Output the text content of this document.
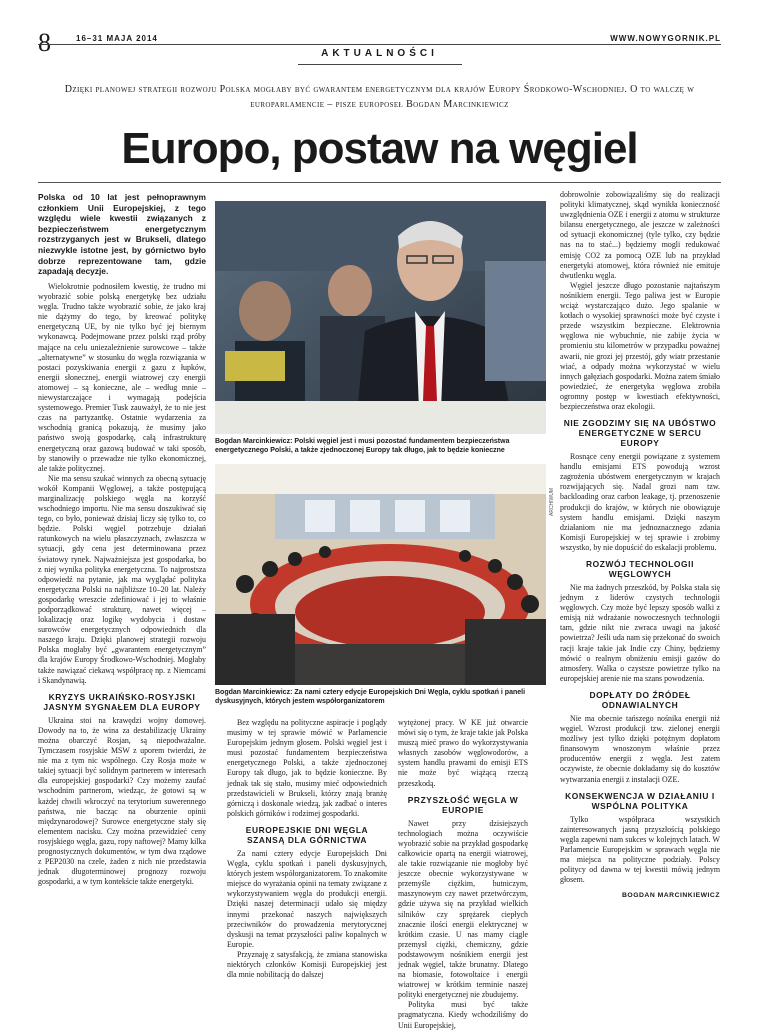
8	16–31 MAJA 2014	WWW.NOWYGORNIK.PL
AKTUALNOŚCI
Dzięki planowej strategii rozwoju Polska mogłaby być gwarantem energetycznym dla krajów Europy Środkowo-Wschodniej. O to walczę w europarlamencie – pisze europoseł Bogdan Marcinkiewicz
Europo, postaw na węgiel
Polska od 10 lat jest pełnoprawnym członkiem Unii Europejskiej, z tego względu wiele kwestii związanych z bezpieczeństwem energetycznym rozstrzyganych jest w Brukseli, dlatego niezwykle istotne jest, by górnictwo było dobrze reprezentowane tam, gdzie zapadają decyzje.

Wielokrotnie podnosiłem kwestię, że trudno mi wyobrazić sobie polską energetykę bez udziału węgla. Trudno także wyobrazić sobie, że jako kraj nie dążymy do tego, by kreować politykę energetyczną UE, by nie tylko być jej biernym wykonawcą. Podejmowane przez polski rząd próby mające na celu uniezależnienie surowcowe – także „alternatywne” w stosunku do węgla rozwiązania w postaci pozyskiwania energii z gazu z łupków, energii słonecznej, energii wiatrowej czy energii atomowej – są konieczne, ale – według mnie – niewystarczające i wymagają podejścia systemowego. Premier Tusk zauważył, że to nie jest czas na partyzantkę. Ostatnie wydarzenia za wschodnią granicą pokazują, że musimy jako państwo swoją gospodarkę, całą infrastrukturę energetyczną oraz gazową budować w taki sposób, by stanowiły o przewadze nie tylko ekonomicznej, ale także politycznej.

Nie ma sensu szukać winnych za obecną sytuację wokół Kompanii Węglowej, a także postępującą marginalizację polskiego węgla na korzyść wschodniego importu. Nie ma sensu doszukiwać się tego, co było, ponieważ dzisiaj liczy się tylko to, co będzie. Polski węgiel potrzebuje działań ratunkowych na wielu płaszczyznach, zwłaszcza w sytuacji, gdy cena jest determinowana przez światowy rynek. Najważniejsza jest gospodarka, bo z niej wynika polityka energetyczna. To najprostsza odpowiedź na pytanie, jak ma wyglądać polityka energetyczna Polski na najbliższe 10–20 lat. Należy gospodarkę wreszcie zdefiniować i jej to właśnie podporządkować strukturę, nawet więcej – lokalizację oraz logikę wydobycia i dostaw surowców energetycznych odpowiednich dla naszego kraju. Dzięki planowej strategii rozwoju Polska mogłaby być „gwarantem energetycznym” dla krajów Europy Środkowo-Wschodniej. Mogłaby także nawiązać ciekawą współpracę np. z Niemcami i Skandynawią.

KRYZYS UKRAIŃSKO-ROSYJSKI JASNYM SYGNAŁEM DLA EUROPY

Ukraina stoi na krawędzi wojny domowej. Dowody na to, że wina za destabilizację Ukrainy można obarczyć Rosjan, są niepodważalne. Tymczasem rosyjskie MSW z uporem twierdzi, że nie ma z tym nic wspólnego. Czy Rosja może w takiej sytuacji być solidnym partnerem w interesach dla europejskiej gospodarki? Czy możemy zaufać wschodnim partnerom, wiedząc, że gotowi są w każdej chwili wkroczyć na terytorium suwerennego państwa, nie bacząc na oburzenie opinii międzynarodowej? Surowce energetyczne stały się elementem nacisku. Czy można przewidzieć ceny rosyjskiego węgla, gazu, ropy naftowej? Mamy kilka prognostycznych dokumentów, w tym dwa rządowe z PEP2030 na czele, żaden z nich nie przedstawia jednak długoterminowej prognozy rozwoju gospodarki, a w tym kontekście także energetyki.

Bogdan Marcinkiewicz: Polski węgiel jest i musi pozostać fundamentem bezpieczeństwa energetycznego Polski, a także zjednoczonej Europy tak długo, jak to będzie konieczne
ARCHIWUM
Bogdan Marcinkiewicz: Za nami cztery edycje Europejskich Dni Węgla, cyklu spotkań i paneli dyskusyjnych, których jestem współorganizatorem

Bez względu na polityczne aspiracje i poglądy musimy w tej sprawie mówić w Parlamencie Europejskim jednym głosem. Polski węgiel jest i musi pozostać fundamentem bezpieczeństwa energetycznego Polski, a także zjednoczonej Europy tak długo, jak to będzie konieczne. By jednak tak się stało, musimy mieć odpowiednich przedstawicieli w Brukseli, którzy znają branżę górniczą i doskonale wiedzą, jak zadbać o interes polskich górników i rodzimej gospodarki.

EUROPEJSKIE DNI WĘGLA SZANSĄ DLA GÓRNICTWA

Za nami cztery edycje Europejskich Dni Węgla, cyklu spotkań i paneli dyskusyjnych, których jestem współorganizatorem. To znakomite miejsce do wyrażania opinii na tematy związane z wykorzystywaniem węgla do produkcji energii. Dzięki naszej determinacji udało się między innymi przekonać naszych największych przeciwników do prowadzenia merytorycznej dyskusji na temat przyszłości paliw kopalnych w Europie.

Przyznaję z satysfakcją, że zmiana stanowiska niektórych członków Komisji Europejskiej jest dla mnie nobilitacją do dalszej

wytężonej pracy. W KE już otwarcie mówi się o tym, że kraje takie jak Polska muszą mieć prawo do wykorzystywania własnych zasobów węglowodorów, a system handlu prawami do emisji ETS nie może być wiążącą rzeczą przeszkodą.

PRZYSZŁOŚĆ WĘGLA W EUROPIE

Nawet przy dzisiejszych technologiach można oczywiście wyobrazić sobie na przykład gospodarkę całkowicie opartą na energii wiatrowej, ale takie rozwiązanie nie mogłoby być jeszcze obecnie wykorzystywane w przemyśle ciężkim, hutniczym, maszynowym czy nawet przetwórczym, gdzie używa się na przykład wielkich silników czy sprężarek ciepłych znacznie ilości energii elektrycznej w krótkim czasie. U nas mamy ciągle przemysł ciężki, chemiczny, gdzie podstawowym nośnikiem energii jest jednak węgiel, także brunatny. Dlatego na biomasie, fotowoltaice i energii wiatrowej w krótkim terminie naszej polityki energetycznej nie zbudujemy.

Polityka musi być także pragmatyczna. Kiedy wchodziliśmy do Unii Europejskiej,

dobrowolnie zobowiązaliśmy się do realizacji polityki klimatycznej, skąd wynikła konieczność uwzględnienia OZE i energii z atomu w strukturze bilansu energetycznego, ale jeszcze w zależności od sytuacji ekonomicznej (tyle tylko, czy będzie nas na to stać...) będziemy mogli redukować emisję CO2 za pomocą OZE lub na przykład energetyki atomowej, która również nie emituje dwutlenku węgla.

Węgiel jeszcze długo pozostanie najtańszym nośnikiem energii. Tego paliwa jest w Europie wciąż wystarczająco dużo. Jego spalanie w kotłach o wysokiej sprawności może być czyste i przede wszystkim bezpieczne. Elektrownia węglowa nie wybuchnie, nie zabije życia w promieniu stu kilometrów w przypadku poważnej awarii, nie grozi jej przestój, gdy wiatr przestanie wiać, a odpady można wykorzystać w wielu innych gałęziach gospodarki. Można zatem śmiało powiedzieć, że energetyka węglowa zrobiła ogromny postęp w kwestiach efektywności, bezpieczeństwa oraz ekologii.

NIE ZGODZIMY SIĘ NA UBÓSTWO ENERGETYCZNE W SERCU EUROPY

Rosnące ceny energii powiązane z systemem handlu emisjami ETS powodują wzrost zagrożenia ubóstwem energetycznym w krajach rozwijających się. Nadal grozi nam tzw. backloading oraz carbon leakage, tj. przenoszenie produkcji do krajów, w których nie obowiązuje system handlu emisjami. Dzięki naszym działaniom nie ma jednoznacznego zdania Komisji Europejskiej w tej sprawie i zrobimy wszystko, by nie dopuścić do eskalacji problemu.

ROZWÓJ TECHNOLOGII WĘGLOWYCH

Nie ma żadnych przeszkód, by Polska stała się jednym z liderów czystych technologii węglowych. Czy może być lepszy sposób walki z emisją niż wdrażanie nowoczesnych technologii tam, gdzie nikt nie zwraca uwagi na jakość powietrza? Jeśli uda nam się przekonać do swoich racji kraje takie jak Indie czy Chiny, będziemy mówić o realnym obniżeniu emisji gazów do atmosfery. Walka o czystsze powietrze tylko na europejskiej arenie nie ma szans powodzenia.

DOPŁATY DO ŹRÓDEŁ ODNAWIALNYCH

Nie ma obecnie tańszego nośnika energii niż węgiel. Wzrost produkcji tzw. zielonej energii możliwy jest tylko dzięki potężnym dopłatom finansowym wnoszonym właśnie przez producentów energii z węgla. Jest zatem oczywiste, że obecnie dokładamy się do kosztów wytwarzania energii z instalacji OZE.

KONSEKWENCJA W DZIAŁANIU I WSPÓLNA POLITYKA

Tylko współpraca wszystkich zainteresowanych jasną przyszłością polskiego węgla zapewni nam sukces w kolejnych latach. W Parlamencie Europejskim w sprawach węgla nie ma miejsca na polityczne podziały. Polscy politycy od dawna w tej kwestii mówią jednym głosem.

BOGDAN MARCINKIEWICZ
